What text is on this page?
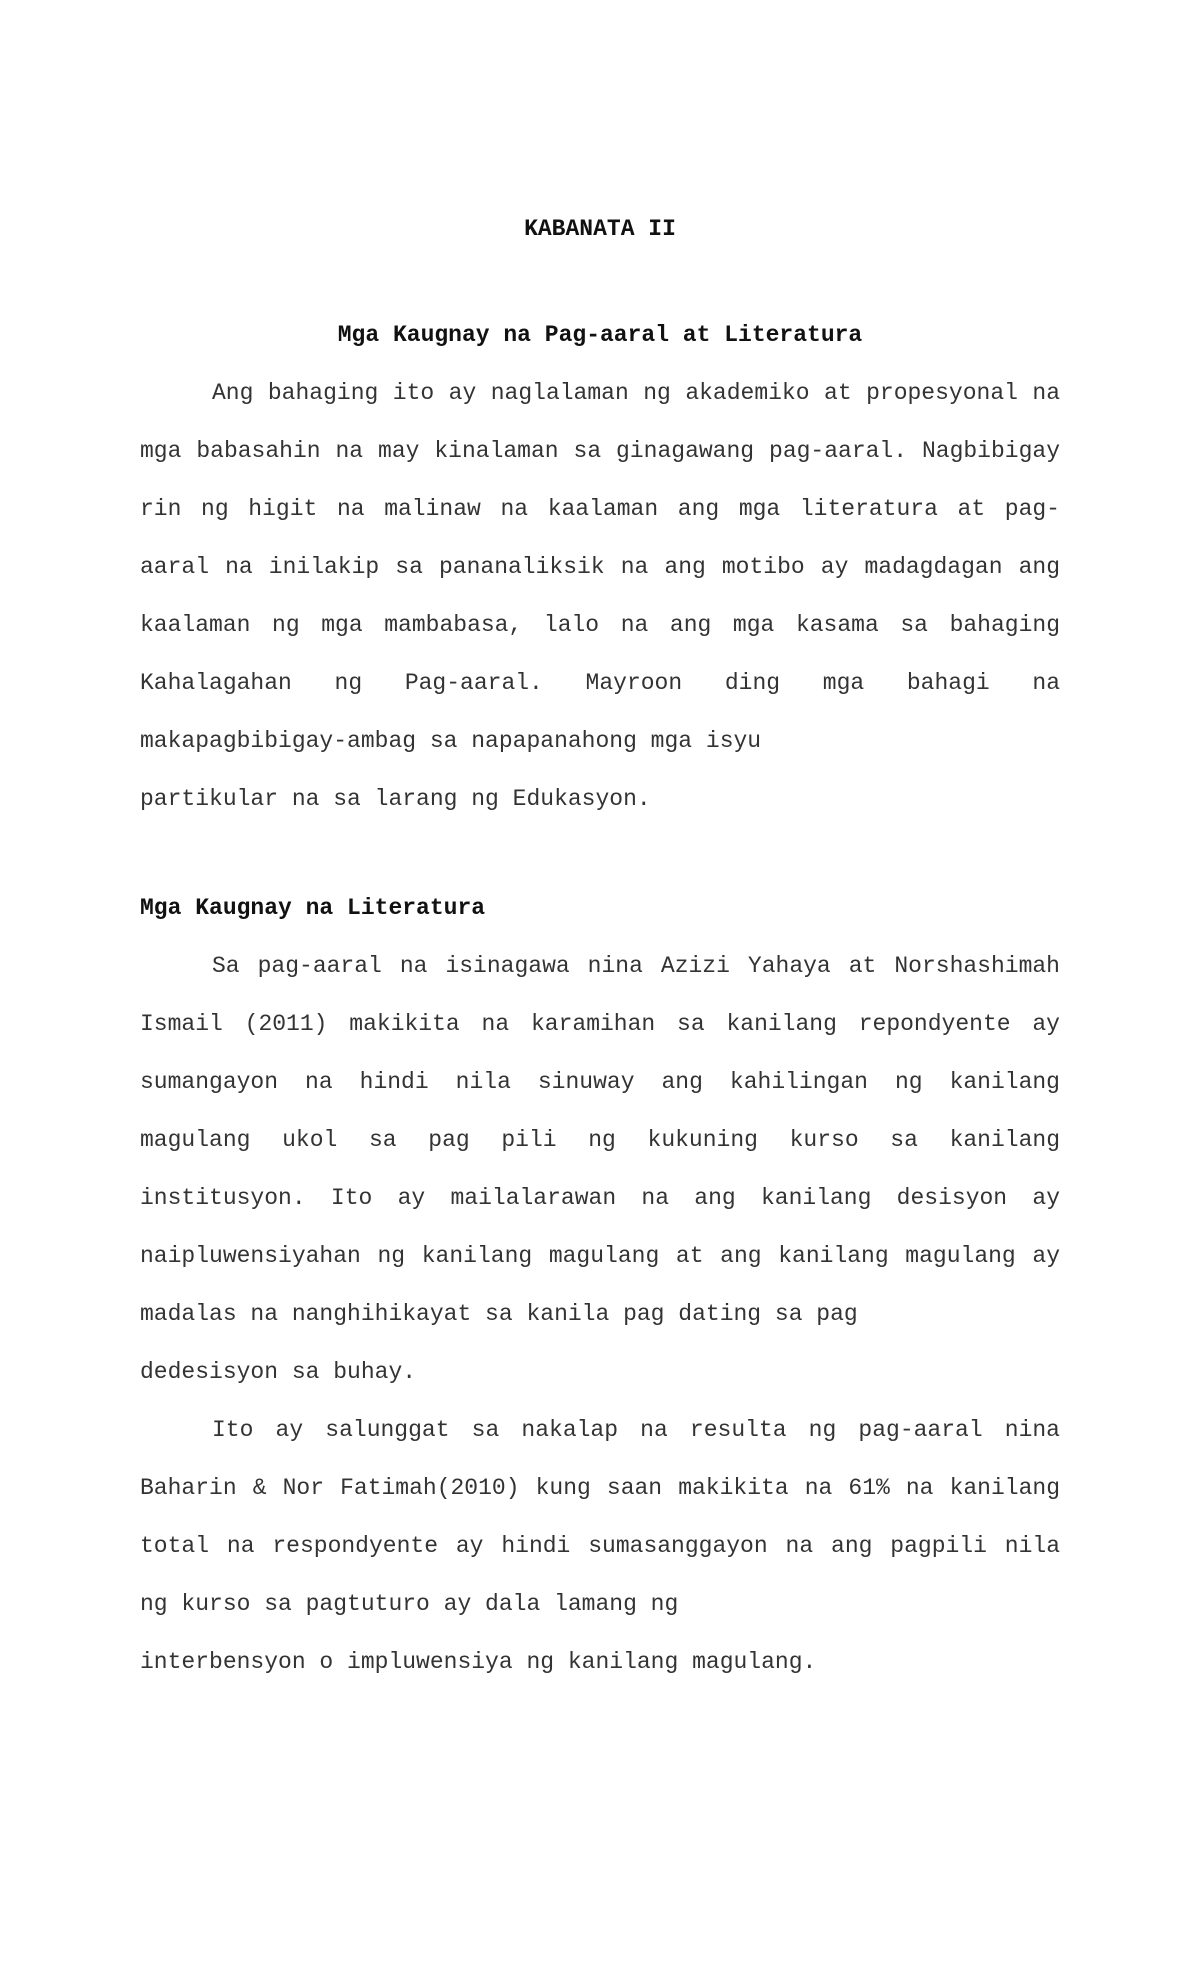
KABANATA II
Mga Kaugnay na Pag-aaral at Literatura
Ang bahaging ito ay naglalaman ng akademiko at propesyonal na
mga babasahin na may kinalaman sa ginagawang pag-aaral. Nagbibigay
rin ng higit na malinaw na kaalaman ang mga literatura at pag-
aaral na inilakip sa pananaliksik na ang motibo ay madagdagan ang
kaalaman ng mga mambabasa, lalo na ang mga kasama sa bahaging
Kahalagahan ng Pag-aaral. Mayroon ding mga bahagi na
makapagbibigay-ambag sa napapanahong mga isyu
partikular na sa larang ng Edukasyon.
Mga Kaugnay na Literatura
Sa pag-aaral na isinagawa nina Azizi Yahaya at Norshashimah
Ismail (2011) makikita na karamihan sa kanilang repondyente ay
sumangayon na hindi nila sinuway ang kahilingan ng kanilang
magulang ukol sa pag pili ng kukuning kurso sa kanilang
institusyon. Ito ay mailalarawan na ang kanilang desisyon ay
naipluwensiyahan ng kanilang magulang at ang kanilang magulang ay
madalas na nanghihikayat sa kanila pag dating sa pag
dedesisyon sa buhay.
Ito ay salunggat sa nakalap na resulta ng pag-aaral nina
Baharin & Nor Fatimah(2010) kung saan makikita na 61% na kanilang
total na respondyente ay hindi sumasanggayon na ang pagpili nila
ng kurso sa pagtuturo ay dala lamang ng
interbensyon o impluwensiya ng kanilang magulang.
